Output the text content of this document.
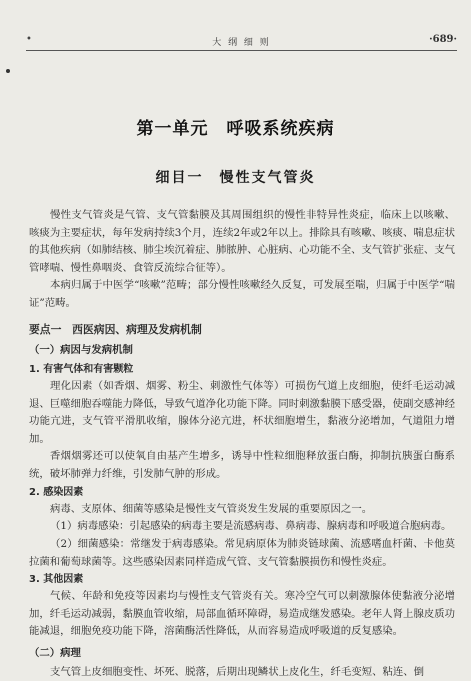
•	大 纲 细 则	·689·
第一单元　呼吸系统疾病
细目一　慢性支气管炎

慢性支气管炎是气管、支气管黏膜及其周围组织的慢性非特异性炎症，临床上以咳嗽、咳痰为主要症状，每年发病持续3个月，连续2年或2年以上。排除具有咳嗽、咳痰、喘息症状的其他疾病（如肺结核、肺尘埃沉着症、肺脓肿、心脏病、心功能不全、支气管扩张症、支气管哮喘、慢性鼻咽炎、食管反流综合征等）。

本病归属于中医学“咳嗽”范畴；部分慢性咳嗽经久反复，可发展至喘，归属于中医学“喘证”范畴。

要点一　西医病因、病理及发病机制
（一）病因与发病机制
1. 有害气体和有害颗粒

理化因素（如香烟、烟雾、粉尘、刺激性气体等）可损伤气道上皮细胞，使纤毛运动减退、巨噬细胞吞噬能力降低，导致气道净化功能下降。同时刺激黏膜下感受器，使副交感神经功能亢进，支气管平滑肌收缩，腺体分泌亢进，杯状细胞增生，黏液分泌增加，气道阻力增加。

香烟烟雾还可以使氧自由基产生增多，诱导中性粒细胞释放蛋白酶，抑制抗胰蛋白酶系统，破坏肺弹力纤维，引发肺气肿的形成。

2. 感染因素

病毒、支原体、细菌等感染是慢性支气管炎发生发展的重要原因之一。

（1）病毒感染：引起感染的病毒主要是流感病毒、鼻病毒、腺病毒和呼吸道合胞病毒。

（2）细菌感染：常继发于病毒感染。常见病原体为肺炎链球菌、流感嗜血杆菌、卡他莫拉菌和葡萄球菌等。这些感染因素同样造成气管、支气管黏膜损伤和慢性炎症。

3. 其他因素

气候、年龄和免疫等因素均与慢性支气管炎有关。寒冷空气可以刺激腺体使黏液分泌增加，纤毛运动减弱，黏膜血管收缩，局部血循环障碍，易造成继发感染。老年人肾上腺皮质功能减退，细胞免疫功能下降，溶菌酶活性降低，从而容易造成呼吸道的反复感染。

（二）病理

支气管上皮细胞变性、坏死、脱落，后期出现鳞状上皮化生，纤毛变短、粘连、倒
